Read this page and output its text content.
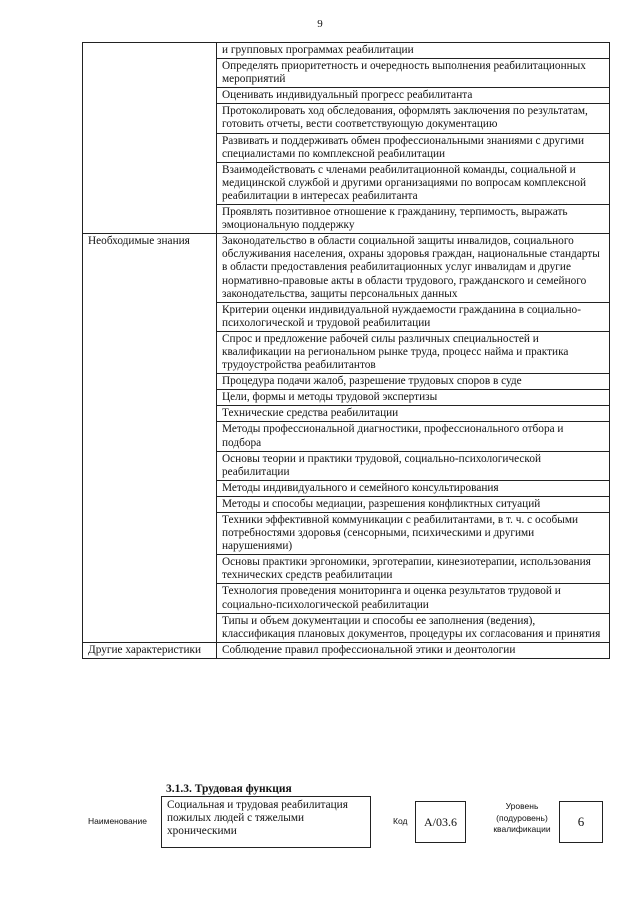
9
	и групповых программах реабилитации
	Определять приоритетность и очередность выполнения реабилитационных мероприятий
	Оценивать индивидуальный прогресс реабилитанта
	Протоколировать ход обследования, оформлять заключения по результатам, готовить отчеты, вести соответствующую документацию
	Развивать и поддерживать обмен профессиональными знаниями с другими специалистами по комплексной реабилитации
	Взаимодействовать с членами реабилитационной команды, социальной и медицинской службой и другими организациями по вопросам комплексной реабилитации в интересах реабилитанта
	Проявлять позитивное отношение к гражданину, терпимость, выражать эмоциональную поддержку
Необходимые знания	Законодательство в области социальной защиты инвалидов, социального обслуживания населения, охраны здоровья граждан, национальные стандарты в области предоставления реабилитационных услуг инвалидам и другие нормативно-правовые акты в области трудового, гражданского и семейного законодательства, защиты персональных данных
	Критерии оценки индивидуальной нуждаемости гражданина в социально-психологической и трудовой реабилитации
	Спрос и предложение рабочей силы различных специальностей и квалификации на региональном рынке труда, процесс найма и практика трудоустройства реабилитантов
	Процедура подачи жалоб, разрешение трудовых споров в суде
	Цели, формы и методы трудовой экспертизы
	Технические средства реабилитации
	Методы профессиональной диагностики, профессионального отбора и подбора
	Основы теории и практики трудовой, социально-психологической реабилитации
	Методы индивидуального и семейного консультирования
	Методы и способы медиации, разрешения конфликтных ситуаций
	Техники эффективной коммуникации с реабилитантами, в т. ч. с особыми потребностями здоровья (сенсорными, психическими и другими нарушениями)
	Основы практики эргономики, эрготерапии, кинезиотерапии, использования технических средств реабилитации
	Технология проведения мониторинга и оценка результатов трудовой и социально-психологической реабилитации
	Типы и объем документации и способы ее заполнения (ведения), классификация плановых документов, процедуры их согласования и принятия
Другие характеристики	Соблюдение правил профессиональной этики и деонтологии
3.1.3. Трудовая функция
Наименование
Социальная и трудовая реабилитация пожилых людей с тяжелыми хроническими
Код	A/03.6
Уровень (подуровень) квалификации	6
